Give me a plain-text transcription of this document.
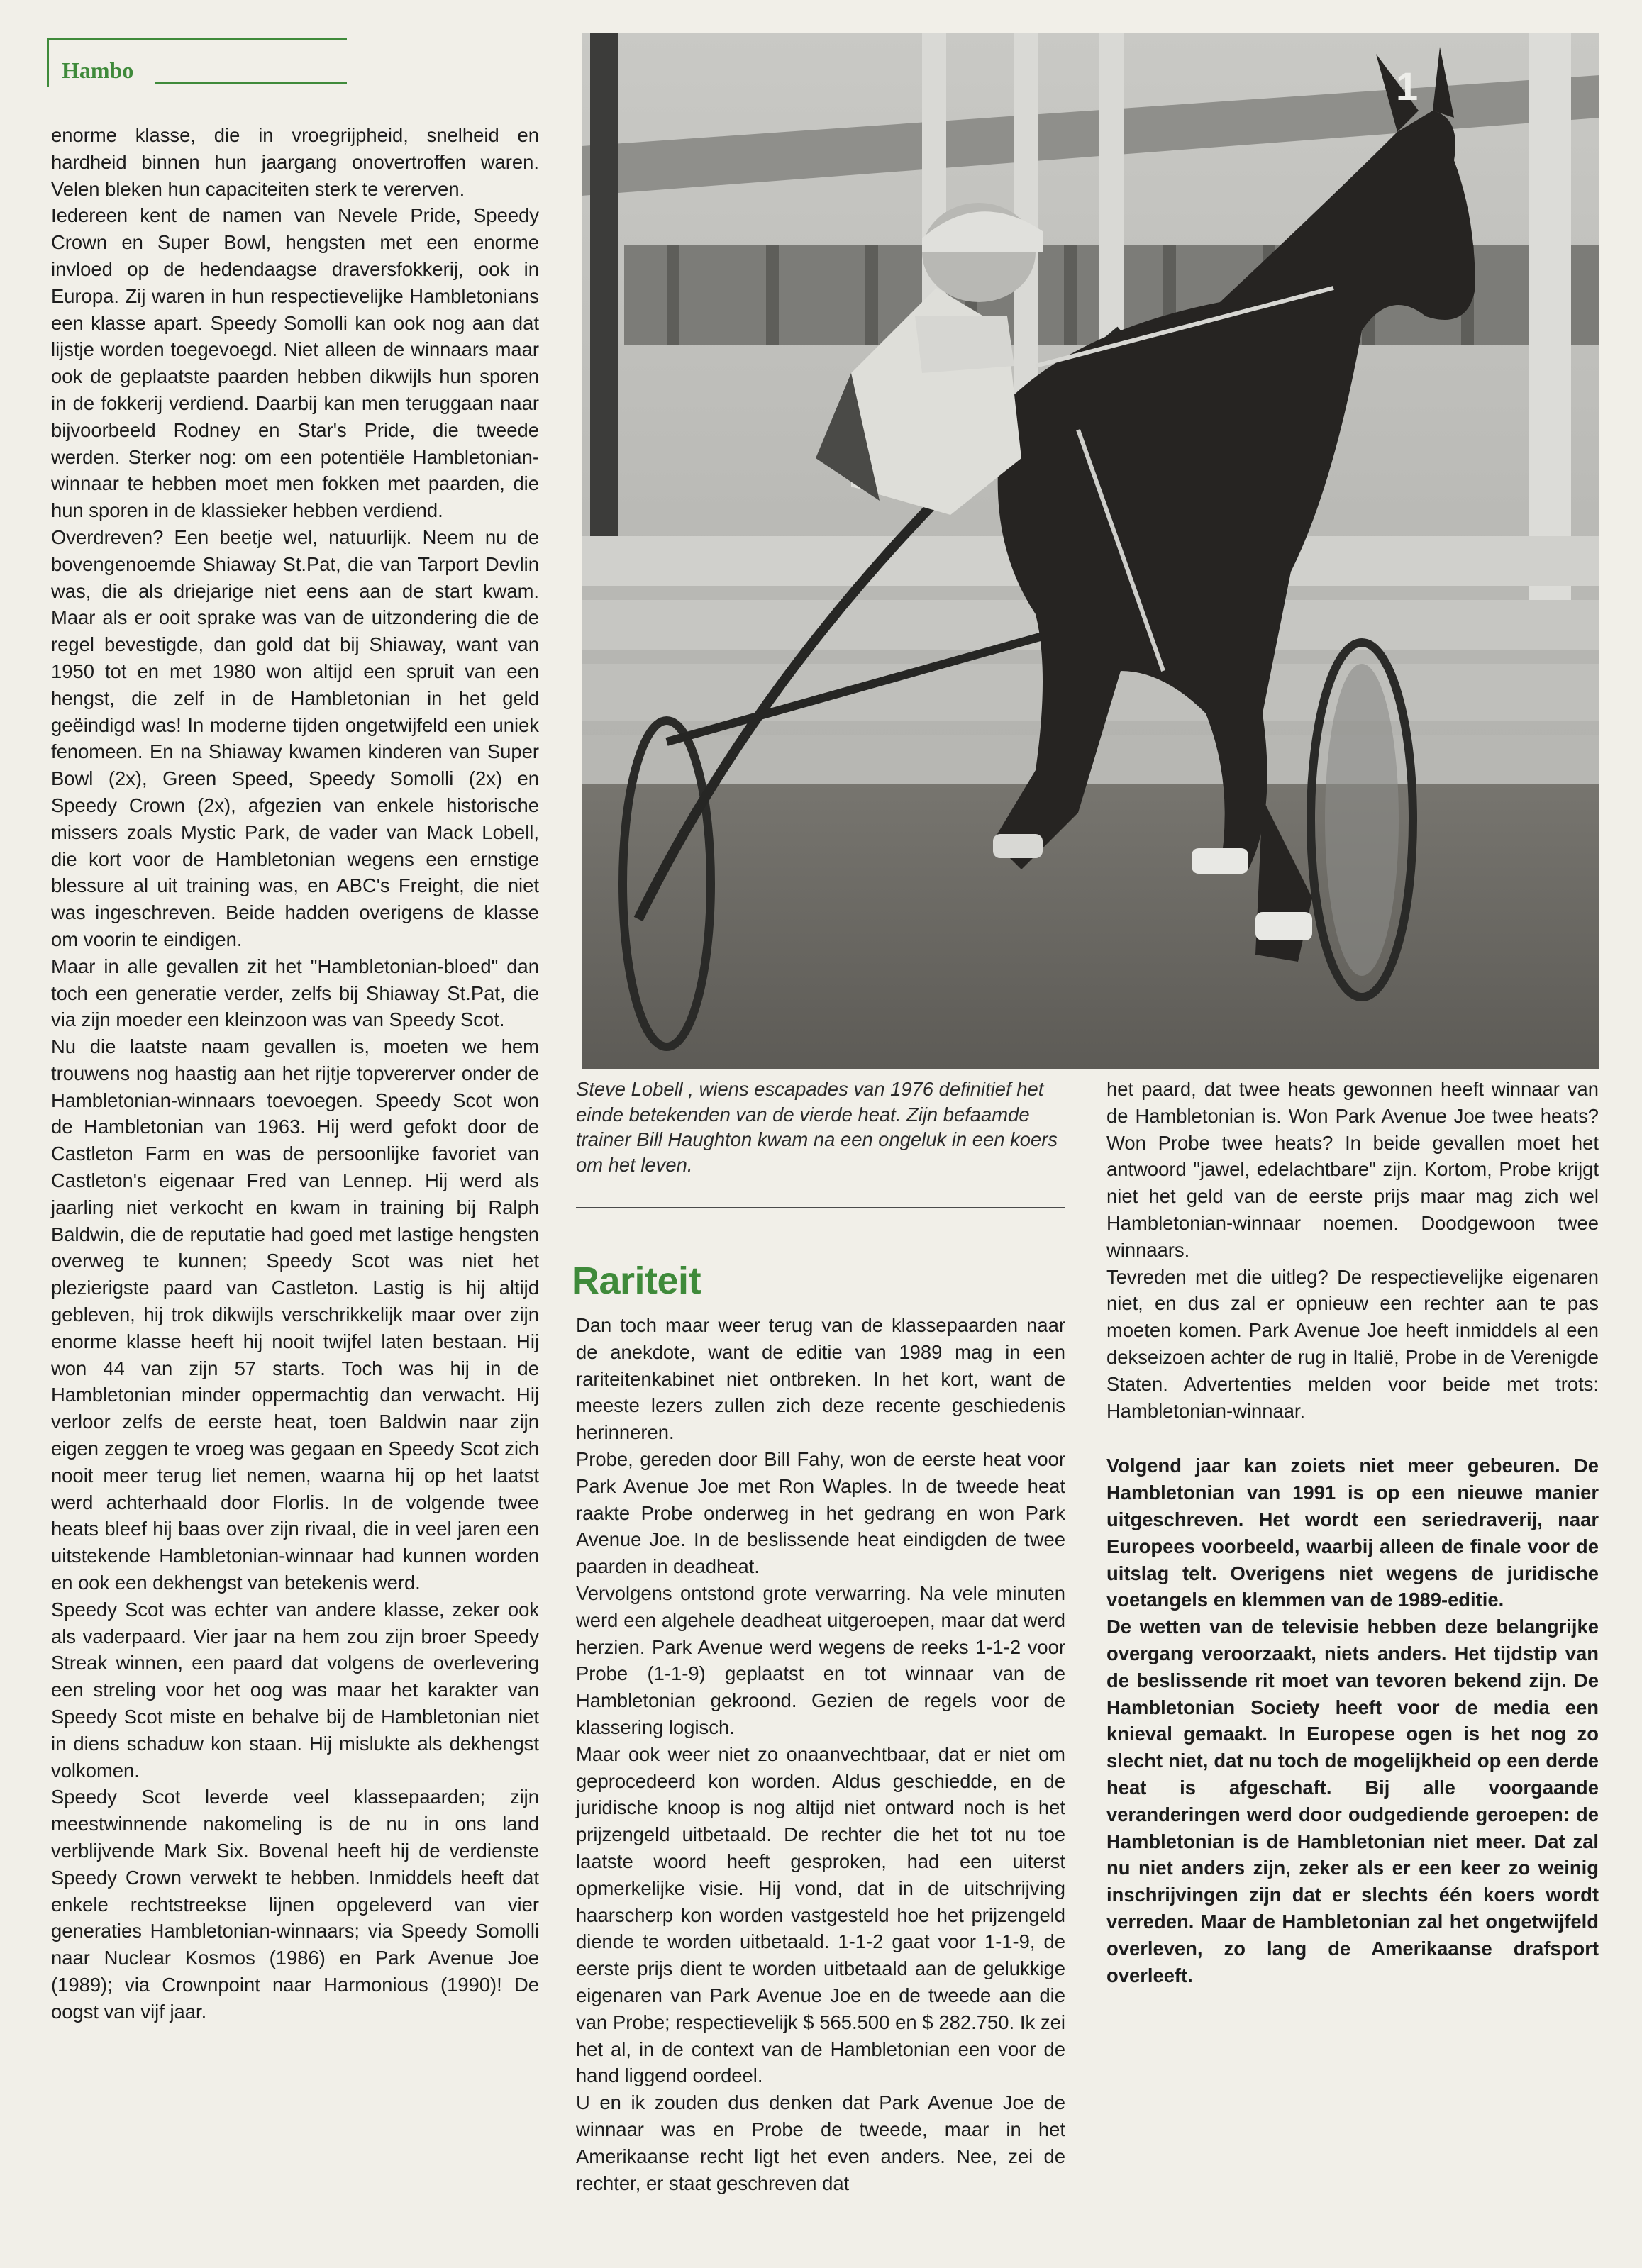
Hambo

enorme klasse, die in vroegrijpheid, snelheid en hardheid binnen hun jaargang onovertroffen waren. Velen bleken hun capaciteiten sterk te vererven.

Iedereen kent de namen van Nevele Pride, Speedy Crown en Super Bowl, hengsten met een enorme invloed op de hedendaagse draversfokkerij, ook in Europa. Zij waren in hun respectievelijke Hambletonians een klasse apart. Speedy Somolli kan ook nog aan dat lijstje worden toegevoegd. Niet alleen de winnaars maar ook de geplaatste paarden hebben dikwijls hun sporen in de fokkerij verdiend. Daarbij kan men teruggaan naar bijvoorbeeld Rodney en Star's Pride, die tweede werden. Sterker nog: om een potentiële Hambletonian-winnaar te hebben moet men fokken met paarden, die hun sporen in de klassieker hebben verdiend.

Overdreven? Een beetje wel, natuurlijk. Neem nu de bovengenoemde Shiaway St.Pat, die van Tarport Devlin was, die als driejarige niet eens aan de start kwam. Maar als er ooit sprake was van de uitzondering die de regel bevestigde, dan gold dat bij Shiaway, want van 1950 tot en met 1980 won altijd een spruit van een hengst, die zelf in de Hambletonian in het geld geëindigd was! In moderne tijden ongetwijfeld een uniek fenomeen. En na Shiaway kwamen kinderen van Super Bowl (2x), Green Speed, Speedy Somolli (2x) en Speedy Crown (2x), afgezien van enkele historische missers zoals Mystic Park, de vader van Mack Lobell, die kort voor de Hambletonian wegens een ernstige blessure al uit training was, en ABC's Freight, die niet was ingeschreven. Beide hadden overigens de klasse om voorin te eindigen.

Maar in alle gevallen zit het "Hambletonian-bloed" dan toch een generatie verder, zelfs bij Shiaway St.Pat, die via zijn moeder een kleinzoon was van Speedy Scot.

Nu die laatste naam gevallen is, moeten we hem trouwens nog haastig aan het rijtje topvererver onder de Hambletonian-winnaars toevoegen. Speedy Scot won de Hambletonian van 1963. Hij werd gefokt door de Castleton Farm en was de persoonlijke favoriet van Castleton's eigenaar Fred van Lennep. Hij werd als jaarling niet verkocht en kwam in training bij Ralph Baldwin, die de reputatie had goed met lastige hengsten overweg te kunnen; Speedy Scot was niet het plezierigste paard van Castleton. Lastig is hij altijd gebleven, hij trok dikwijls verschrikkelijk maar over zijn enorme klasse heeft hij nooit twijfel laten bestaan. Hij won 44 van zijn 57 starts. Toch was hij in de Hambletonian minder oppermachtig dan verwacht. Hij verloor zelfs de eerste heat, toen Baldwin naar zijn eigen zeggen te vroeg was gegaan en Speedy Scot zich nooit meer terug liet nemen, waarna hij op het laatst werd achterhaald door Florlis. In de volgende twee heats bleef hij baas over zijn rivaal, die in veel jaren een uitstekende Hambletonian-winnaar had kunnen worden en ook een dekhengst van betekenis werd.

Speedy Scot was echter van andere klasse, zeker ook als vaderpaard. Vier jaar na hem zou zijn broer Speedy Streak winnen, een paard dat volgens de overlevering een streling voor het oog was maar het karakter van Speedy Scot miste en behalve bij de Hambletonian niet in diens schaduw kon staan. Hij mislukte als dekhengst volkomen.

Speedy Scot leverde veel klassepaarden; zijn meestwinnende nakomeling is de nu in ons land verblijvende Mark Six. Bovenal heeft hij de verdienste Speedy Crown verwekt te hebben. Inmiddels heeft dat enkele rechtstreekse lijnen opgeleverd van vier generaties Hambletonian-winnaars; via Speedy Somolli naar Nuclear Kosmos (1986) en Park Avenue Joe (1989); via Crownpoint naar Harmonious (1990)! De oogst van vijf jaar.

1
Steve Lobell , wiens escapades van 1976 definitief het einde betekenden van de vierde heat. Zijn befaamde trainer Bill Haughton kwam na een ongeluk in een koers om het leven.
Rariteit

Dan toch maar weer terug van de klassepaarden naar de anekdote, want de editie van 1989 mag in een rariteitenkabinet niet ontbreken. In het kort, want de meeste lezers zullen zich deze recente geschiedenis herinneren.

Probe, gereden door Bill Fahy, won de eerste heat voor Park Avenue Joe met Ron Waples. In de tweede heat raakte Probe onderweg in het gedrang en won Park Avenue Joe. In de beslissende heat eindigden de twee paarden in deadheat.

Vervolgens ontstond grote verwarring. Na vele minuten werd een algehele deadheat uitgeroepen, maar dat werd herzien. Park Avenue werd wegens de reeks 1-1-2 voor Probe (1-1-9) geplaatst en tot winnaar van de Hambletonian gekroond. Gezien de regels voor de klassering logisch.

Maar ook weer niet zo onaanvechtbaar, dat er niet om geprocedeerd kon worden. Aldus geschiedde, en de juridische knoop is nog altijd niet ontward noch is het prijzengeld uitbetaald. De rechter die het tot nu toe laatste woord heeft gesproken, had een uiterst opmerkelijke visie. Hij vond, dat in de uitschrijving haarscherp kon worden vastgesteld hoe het prijzengeld diende te worden uitbetaald. 1-1-2 gaat voor 1-1-9, de eerste prijs dient te worden uitbetaald aan de gelukkige eigenaren van Park Avenue Joe en de tweede aan die van Probe; respectievelijk $ 565.500 en $ 282.750. Ik zei het al, in de context van de Hambletonian een voor de hand liggend oordeel.

U en ik zouden dus denken dat Park Avenue Joe de winnaar was en Probe de tweede, maar in het Amerikaanse recht ligt het even anders. Nee, zei de rechter, er staat geschreven dat

het paard, dat twee heats gewonnen heeft winnaar van de Hambletonian is. Won Park Avenue Joe twee heats? Won Probe twee heats? In beide gevallen moet het antwoord "jawel, edelachtbare" zijn. Kortom, Probe krijgt niet het geld van de eerste prijs maar mag zich wel Hambletonian-winnaar noemen. Doodgewoon twee winnaars.

Tevreden met die uitleg? De respectievelijke eigenaren niet, en dus zal er opnieuw een rechter aan te pas moeten komen. Park Avenue Joe heeft inmiddels al een dekseizoen achter de rug in Italië, Probe in de Verenigde Staten. Advertenties melden voor beide met trots: Hambletonian-winnaar.

Volgend jaar kan zoiets niet meer gebeuren. De Hambletonian van 1991 is op een nieuwe manier uitgeschreven. Het wordt een seriedraverij, naar Europees voorbeeld, waarbij alleen de finale voor de uitslag telt. Overigens niet wegens de juridische voetangels en klemmen van de 1989-editie.

De wetten van de televisie hebben deze belangrijke overgang veroorzaakt, niets anders. Het tijdstip van de beslissende rit moet van tevoren bekend zijn. De Hambletonian Society heeft voor de media een knieval gemaakt. In Europese ogen is het nog zo slecht niet, dat nu toch de mogelijkheid op een derde heat is afgeschaft. Bij alle voorgaande veranderingen werd door oudgediende geroepen: de Hambletonian is de Hambletonian niet meer. Dat zal nu niet anders zijn, zeker als er een keer zo weinig inschrijvingen zijn dat er slechts één koers wordt verreden. Maar de Hambletonian zal het ongetwijfeld overleven, zo lang de Amerikaanse drafsport overleeft.
